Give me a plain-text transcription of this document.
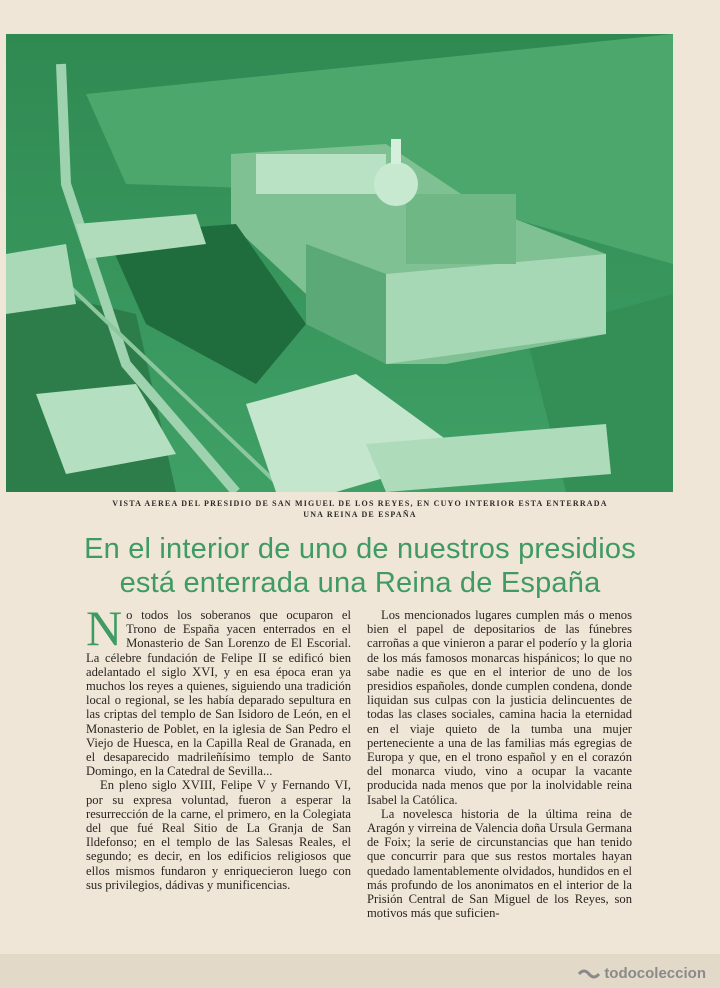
VISTA AEREA DEL PRESIDIO DE SAN MIGUEL DE LOS REYES, EN CUYO INTERIOR ESTA ENTERRADA
UNA REINA DE ESPAÑA
En el interior de uno de nuestros presidios
está enterrada una Reina de España

No todos los soberanos que ocuparon el Trono de España yacen enterrados en el Monasterio de San Lorenzo de El Escorial. La célebre fundación de Felipe II se edificó bien adelantado el siglo XVI, y en esa época eran ya muchos los reyes a quienes, siguiendo una tradición local o regional, se les había deparado sepultura en las criptas del templo de San Isidoro de León, en el Monasterio de Poblet, en la iglesia de San Pedro el Viejo de Huesca, en la Capilla Real de Granada, en el desaparecido madrileñísimo templo de Santo Domingo, en la Catedral de Sevilla...

En pleno siglo XVIII, Felipe V y Fernando VI, por su expresa voluntad, fueron a esperar la resurrección de la carne, el primero, en la Colegiata del que fué Real Sitio de La Granja de San Ildefonso; en el templo de las Salesas Reales, el segundo; es decir, en los edificios religiosos que ellos mismos fundaron y enriquecieron luego con sus privilegios, dádivas y munificencias.

Los mencionados lugares cumplen más o menos bien el papel de depositarios de las fúnebres carroñas a que vinieron a parar el poderío y la gloria de los más famosos monarcas hispánicos; lo que no sabe nadie es que en el interior de uno de los presidios españoles, donde cumplen condena, donde liquidan sus culpas con la justicia delincuentes de todas las clases sociales, camina hacia la eternidad en el viaje quieto de la tumba una mujer perteneciente a una de las familias más egregias de Europa y que, en el trono español y en el corazón del monarca viudo, vino a ocupar la vacante producida nada menos que por la inolvidable reina Isabel la Católica.

La novelesca historia de la última reina de Aragón y virreina de Valencia doña Ursula Germana de Foix; la serie de circunstancias que han tenido que concurrir para que sus restos mortales hayan quedado lamentablemente olvidados, hundidos en el más profundo de los anonimatos en el interior de la Prisión Central de San Miguel de los Reyes, son motivos más que suficien-

todocoleccion
